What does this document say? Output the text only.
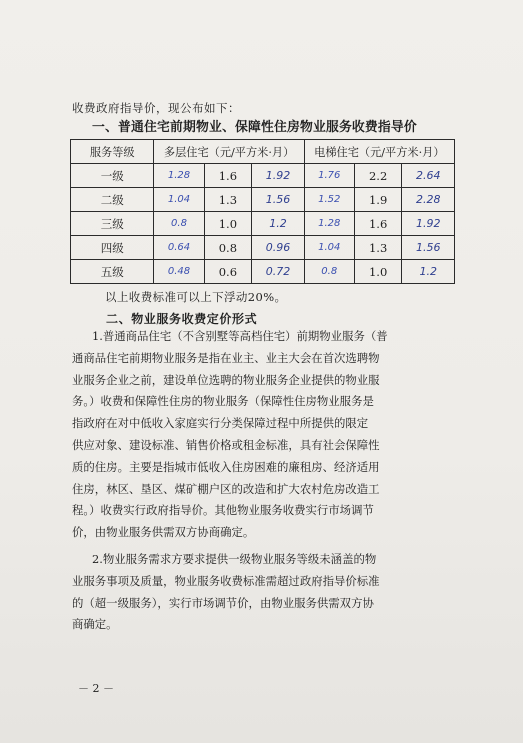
收费政府指导价，现公布如下：
一、普通住宅前期物业、保障性住房物业服务收费指导价
服务等级	多层住宅（元/平方米·月）			电梯住宅（元/平方米·月）		
一级	1.28	1.6	1.92	1.76	2.2	2.64
二级	1.04	1.3	1.56	1.52	1.9	2.28
三级	0.8	1.0	1.2	1.28	1.6	1.92
四级	0.64	0.8	0.96	1.04	1.3	1.56
五级	0.48	0.6	0.72	0.8	1.0	1.2
以上收费标准可以上下浮动20%。
二、物业服务收费定价形式
1.普通商品住宅（不含别墅等高档住宅）前期物业服务（普
通商品住宅前期物业服务是指在业主、业主大会在首次选聘物
业服务企业之前，建设单位选聘的物业服务企业提供的物业服
务。）收费和保障性住房的物业服务（保障性住房物业服务是
指政府在对中低收入家庭实行分类保障过程中所提供的限定
供应对象、建设标准、销售价格或租金标准，具有社会保障性
质的住房。主要是指城市低收入住房困难的廉租房、经济适用
住房，林区、垦区、煤矿棚户区的改造和扩大农村危房改造工
程。）收费实行政府指导价。其他物业服务收费实行市场调节
价，由物业服务供需双方协商确定。
2.物业服务需求方要求提供一级物业服务等级未涵盖的物
业服务事项及质量，物业服务收费标准需超过政府指导价标准
的（超一级服务），实行市场调节价，由物业服务供需双方协
商确定。
－ 2 －
